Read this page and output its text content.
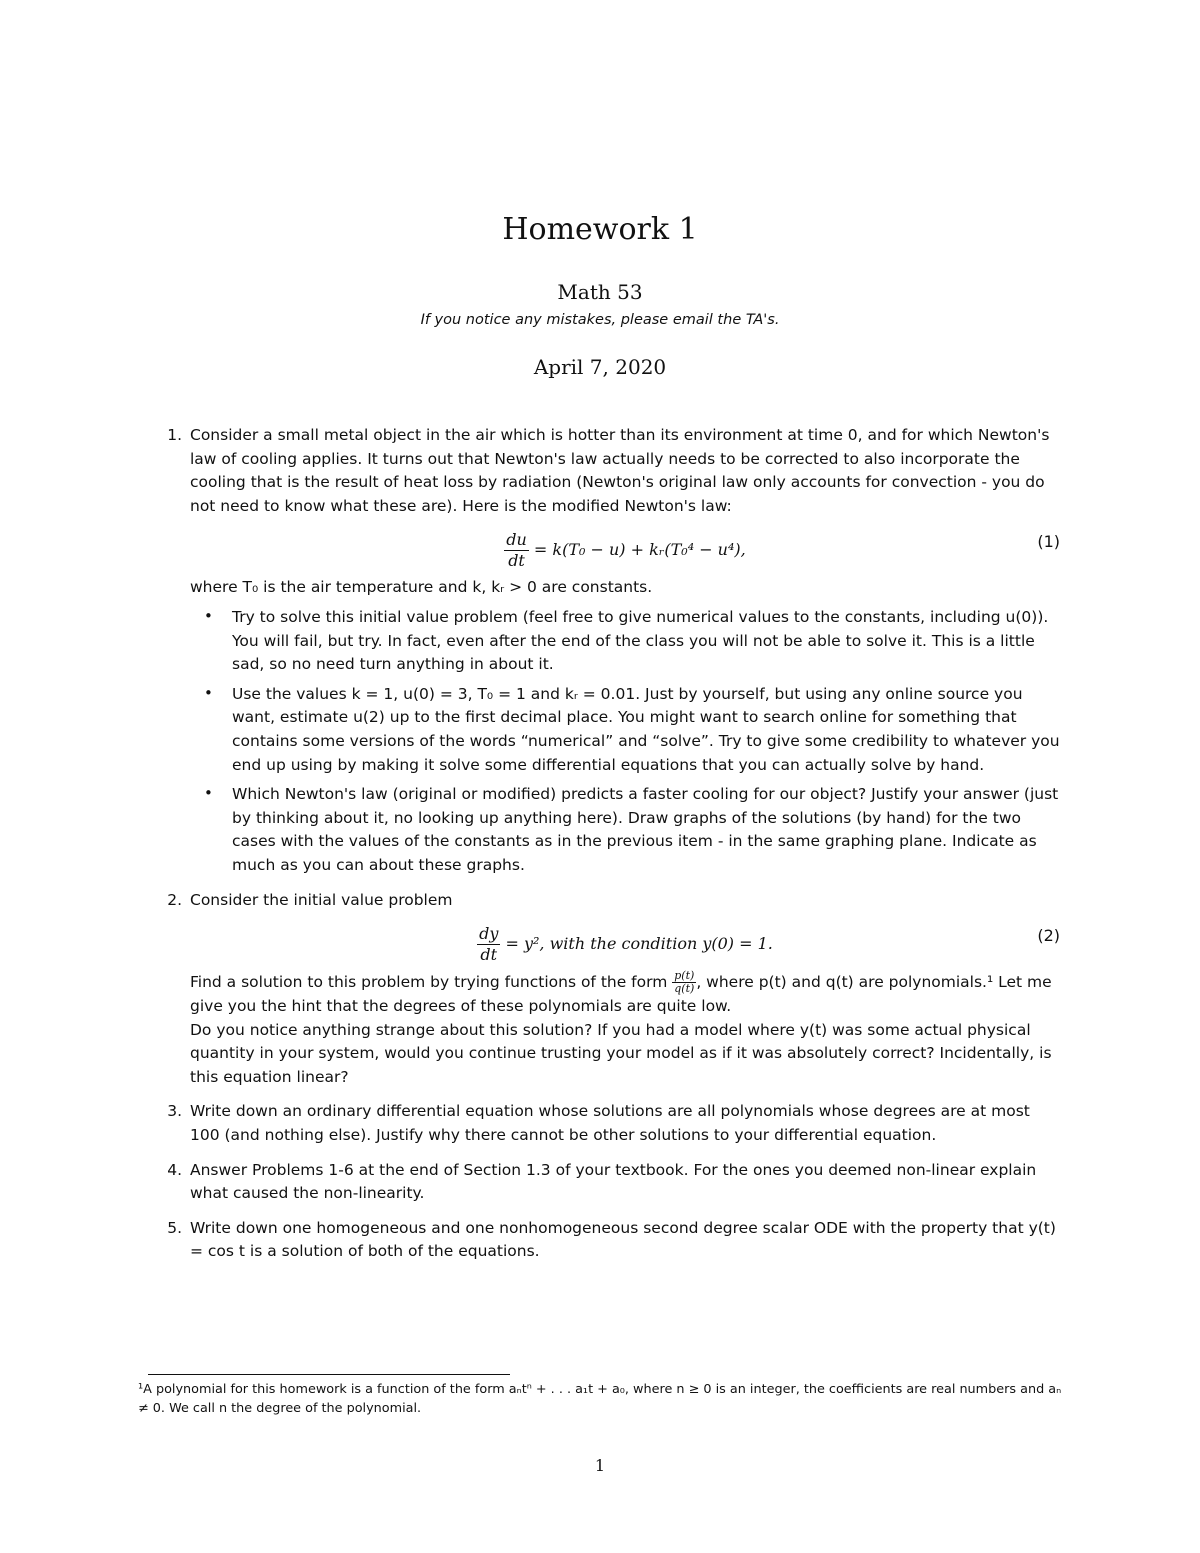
Homework 1
Math 53
If you notice any mistakes, please email the TA's.
April 7, 2020
1. Consider a small metal object in the air which is hotter than its environment at time 0, and for which Newton's law of cooling applies. It turns out that Newton's law actually needs to be corrected to also incorporate the cooling that is the result of heat loss by radiation (Newton's original law only accounts for convection - you do not need to know what these are). Here is the modified Newton's law:

$\frac{du}{dt} = k(T_0 - u)$ + kᵣ(T₀⁴ − u⁴),	(1)

where T₀ is the air temperature and k, kᵣ > 0 are constants.

• Try to solve this initial value problem (feel free to give numerical values to the constants, including u(0)). You will fail, but try. In fact, even after the end of the class you will not be able to solve it. This is a little sad, so no need turn anything in about it.
• Use the values k = 1, u(0) = 3, T₀ = 1 and kᵣ = 0.01. Just by yourself, but using any online source you want, estimate u(2) up to the first decimal place. You might want to search online for something that contains some versions of the words “numerical” and “solve”. Try to give some credibility to whatever you end up using by making it solve some differential equations that you can actually solve by hand.
• Which Newton's law (original or modified) predicts a faster cooling for our object? Justify your answer (just by thinking about it, no looking up anything here). Draw graphs of the solutions (by hand) for the two cases with the values of the constants as in the previous item - in the same graphing plane. Indicate as much as you can about these graphs.
2. Consider the initial value problem

$\frac{dy}{dt} = y^2$, with the condition y(0) = 1.	(2)

Find a solution to this problem by trying functions of the form $\frac{p(t)}{q(t)}$ , where p(t) and q(t) are polynomials.¹ Let me give you the hint that the degrees of these polynomials are quite low.

Do you notice anything strange about this solution? If you had a model where y(t) was some actual physical quantity in your system, would you continue trusting your model as if it was absolutely correct? Incidentally, is this equation linear?

3. Write down an ordinary differential equation whose solutions are all polynomials whose degrees are at most 100 (and nothing else). Justify why there cannot be other solutions to your differential equation.

4. Answer Problems 1-6 at the end of Section 1.3 of your textbook. For the ones you deemed non-linear explain what caused the non-linearity.

5. Write down one homogeneous and one nonhomogeneous second degree scalar ODE with the property that y(t) = cos t is a solution of both of the equations.

¹A polynomial for this homework is a function of the form aₙtⁿ + . . . a₁t + a₀, where n ≥ 0 is an integer, the coefficients are real numbers and aₙ ≠ 0. We call n the degree of the polynomial.
1
